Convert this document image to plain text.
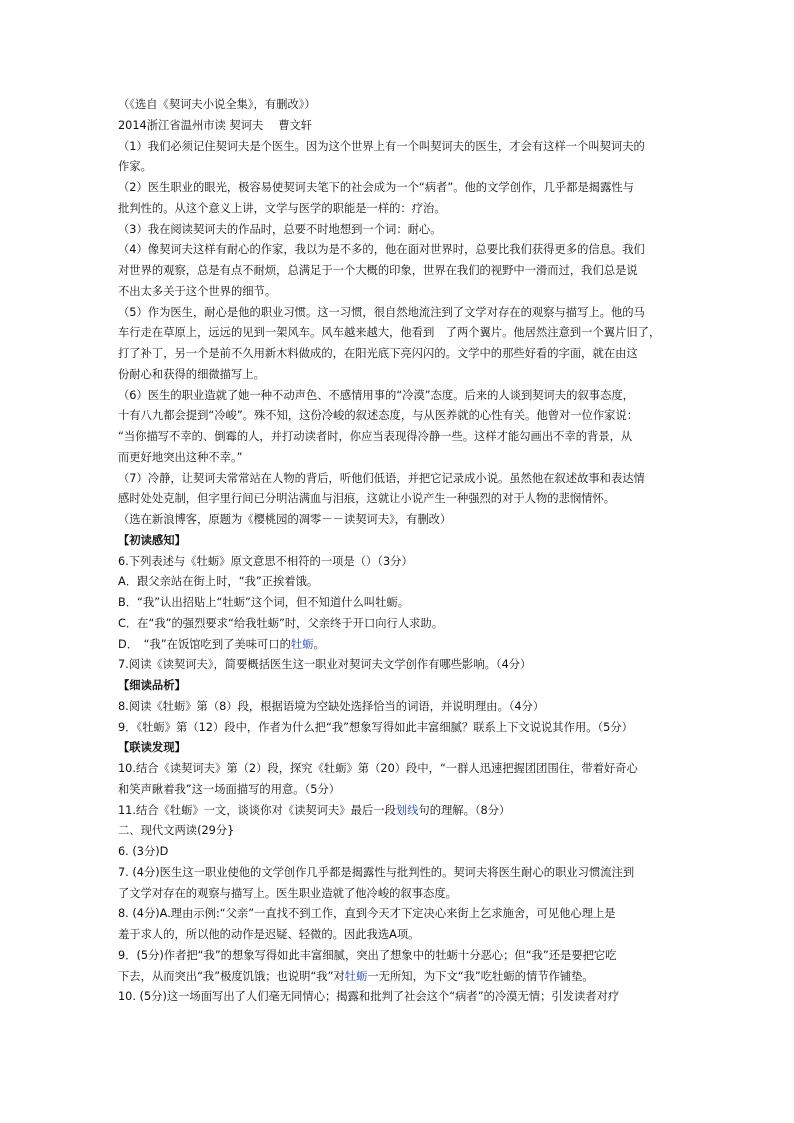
（《选自《契诃夫小说全集》，有删改》）
2014浙江省温州市读 契诃夫　 曹文轩
（1）我们必须记住契诃夫是个医生。因为这个世界上有一个叫契诃夫的医生，才会有这样一个叫契诃夫的
作家。
（2）医生职业的眼光，极容易使契诃夫笔下的社会成为一个“病者”。他的文学创作，几乎都是揭露性与
批判性的。从这个意义上讲，文学与医学的职能是一样的：疗治。
（3）我在阅读契诃夫的作品时，总要不时地想到一个词：耐心。
（4）像契诃夫这样有耐心的作家，我以为是不多的，他在面对世界时，总要比我们获得更多的信息。我们
对世界的观察，总是有点不耐烦，总满足于一个大概的印象，世界在我们的视野中一滑而过，我们总是说
不出太多关于这个世界的细节。
（5）作为医生，耐心是他的职业习惯。这一习惯，很自然地流注到了文学对存在的观察与描写上。他的马
车行走在草原上，远远的见到一架风车。风车越来越大，他看到　了两个翼片。他居然注意到一个翼片旧了，
打了补丁，另一个是前不久用新木料做成的，在阳光底下亮闪闪的。文学中的那些好看的字面，就在由这
份耐心和获得的细微描写上。
（6）医生的职业造就了她一种不动声色、不感情用事的“冷漠”态度。后来的人谈到契诃夫的叙事态度，
十有八九都会提到“冷峻”。殊不知，这份冷峻的叙述态度，与从医养就的心性有关。他曾对一位作家说：
“当你描写不幸的、倒霉的人，并打动读者时，你应当表现得冷静一些。这样才能勾画出不幸的背景，从
而更好地突出这种不幸。”
（7）冷静，让契诃夫常常站在人物的背后，听他们低语，并把它记录成小说。虽然他在叙述故事和表达情
感时处处克制，但字里行间已分明沾满血与泪痕，这就让小说产生一种强烈的对于人物的悲悯情怀。
（选在新浪博客，原题为《樱桃园的凋零－－读契诃夫》，有删改）
【初读感知】
6.下列表述与《牡蛎》原文意思不相符的一项是（）（3分）
A．跟父亲站在街上时，“我”正挨着饿。
B．“我”认出招贴上“牡蛎”这个词，但不知道什么叫牡蛎。
C．在“我”的强烈要求“给我牡蛎”时，父亲终于开口向行人求助。
D．　“我”在饭馆吃到了美味可口的牡蛎。
7.阅读《读契诃夫》，简要概括医生这一职业对契诃夫文学创作有哪些影响。（4分）
【细读品析】
8.阅读《牡蛎》第（8）段，根据语境为空缺处选择恰当的词语，并说明理由。（4分）
9．《牡蛎》第（12）段中，作者为什么把“我”想象写得如此丰富细腻？联系上下文说说其作用。（5分）
【联读发现】
10.结合《读契诃夫》第（2）段，探究《牡蛎》第（20）段中，“一群人迅速把握团团围住，带着好奇心
和笑声瞅着我”这一场面描写的用意。（5分）
11.结合《牡蛎》一文，谈谈你对《读契诃夫》最后一段划线句的理解。（8分）
二、现代文两读(29分}
6. (3分)D
7. (4分)医生这一职业使他的文学创作几乎都是揭露性与批判性的。契诃夫将医生耐心的职业习惯流注到
了文学对存在的观察与描写上。医生职业造就了他冷峻的叙事态度。
8. (4分)A.理由示例:“父亲”一直找不到工作，直到今天才下定决心来街上乞求施舍，可见他心理上是
羞于求人的，所以他的动作是迟疑、轻微的。因此我选A项。
9．(5分)作者把“我”的想象写得如此丰富细腻，突出了想象中的牡蛎十分恶心；但“我”还是要把它吃
下去，从而突出“我”极度饥饿；也说明“我”对牡蛎一无所知，为下文“我”吃牡蛎的情节作铺垫。
10. (5分)这一场面写出了人们毫无同情心；揭露和批判了社会这个“病者”的冷漠无情；引发读者对疗
